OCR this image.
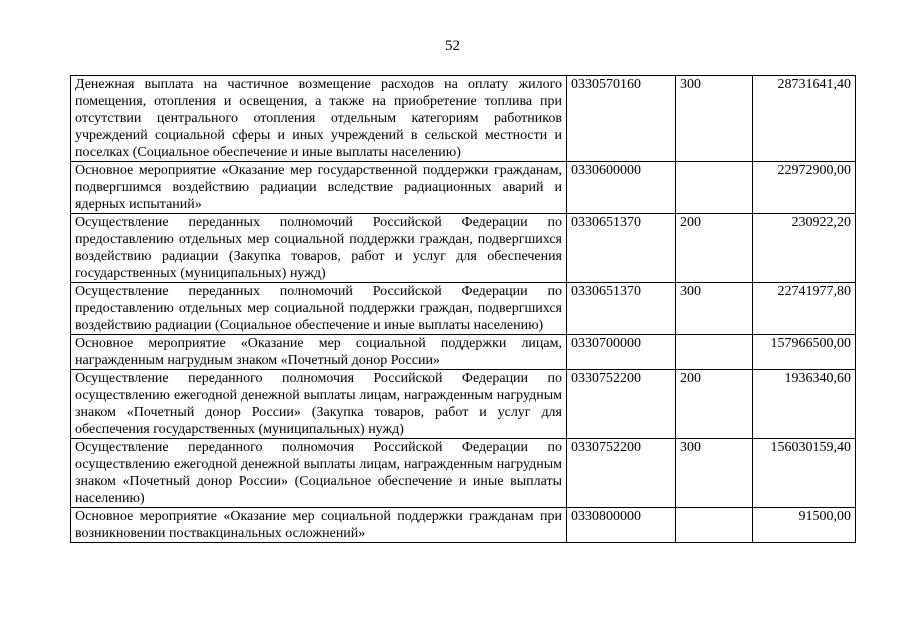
52
Денежная выплата на частичное возмещение расходов на оплату жилого помещения, отопления и освещения, а также на приобретение топлива при отсутствии центрального отопления отдельным категориям работников учреждений социальной сферы и иных учреждений в сельской местности и поселках (Социальное обеспечение и иные выплаты населению)	0330570160	300	28731641,40
Основное мероприятие «Оказание мер государственной поддержки гражданам, подвергшимся воздействию радиации вследствие радиационных аварий и ядерных испытаний»	0330600000		22972900,00
Осуществление переданных полномочий Российской Федерации по предоставлению отдельных мер социальной поддержки граждан, подвергшихся воздействию радиации (Закупка товаров, работ и услуг для обеспечения государственных (муниципальных) нужд)	0330651370	200	230922,20
Осуществление переданных полномочий Российской Федерации по предоставлению отдельных мер социальной поддержки граждан, подвергшихся воздействию радиации (Социальное обеспечение и иные выплаты населению)	0330651370	300	22741977,80
Основное мероприятие «Оказание мер социальной поддержки лицам, награжденным нагрудным знаком «Почетный донор России»	0330700000		157966500,00
Осуществление переданного полномочия Российской Федерации по осуществлению ежегодной денежной выплаты лицам, награжденным нагрудным знаком «Почетный донор России» (Закупка товаров, работ и услуг для обеспечения государственных (муниципальных) нужд)	0330752200	200	1936340,60
Осуществление переданного полномочия Российской Федерации по осуществлению ежегодной денежной выплаты лицам, награжденным нагрудным знаком «Почетный донор России» (Социальное обеспечение и иные выплаты населению)	0330752200	300	156030159,40
Основное мероприятие «Оказание мер социальной поддержки гражданам при возникновении поствакцинальных осложнений»	0330800000		91500,00
